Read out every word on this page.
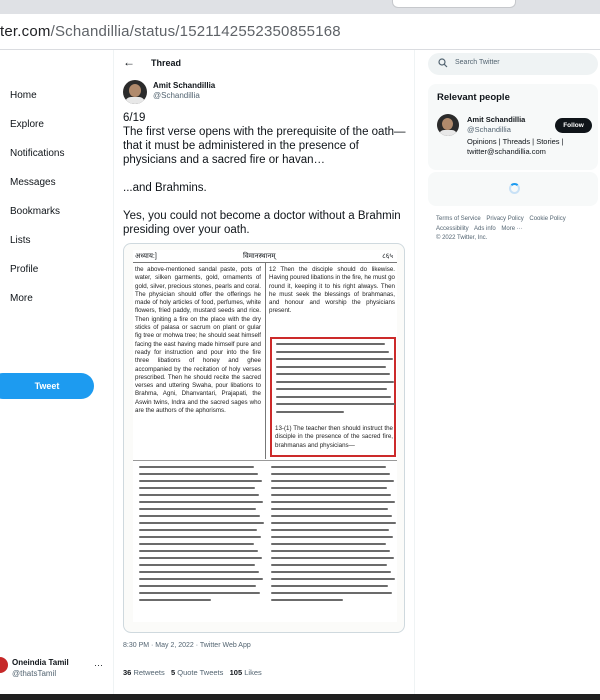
ter.com/Schandillia/status/1521142552350855168
Home
Explore
Notifications
Messages
Bookmarks
Lists
Profile
More
Tweet
Oneindia Tamil
@thatsTamil
···
← Thread
Amit Schandillia
@Schandillia

6/19

The first verse opens with the prerequisite of the oath—that it must be administered in the presence of physicians and a sacred fire or havan…

...and Brahmins.

Yes, you could not become a doctor without a Brahmin presiding over your oath.

अध्याय:]	विमानस्थानम्	८६५
the above-mentioned sandal paste, pots of water, silken garments, gold, ornaments of gold, silver, precious stones, pearls and coral. The physician should offer the offerings he made of holy articles of food, perfumes, white flowers, fried paddy, mustard seeds and rice. Then igniting a fire on the place with the dry sticks of palasa or sacrum on plant or gular fig tree or mohwa tree; he should seat himself facing the east having made himself pure and ready for instruction and pour into the fire three libations of honey and ghee accompanied by the recitation of holy verses prescribed. Then he should recite the sacred verses and uttering Swaha, pour libations to Brahma, Agni, Dhanvantari, Prajapati, the Aswin twins, Indra and the sacred sages who are the authors of the aphorisms.
12 Then the disciple should do likewise. Having poured libations in the fire, he must go round it, keeping it to his right always. Then he must seek the blessings of brahmanas, and honour and worship the physicians present.
13-(1) The teacher then should instruct the disciple in the presence of the sacred fire, brahmanas and physicians—
8:30 PM · May 2, 2022 · Twitter Web App
36 Retweets 5 Quote Tweets 105 Likes
Search Twitter
Relevant people
Amit Schandillia
@Schandillia	Follow
Opinions | Threads | Stories | twitter@schandillia.com
Terms of Service Privacy Policy Cookie Policy Accessibility Ads info More ···
© 2022 Twitter, Inc.
